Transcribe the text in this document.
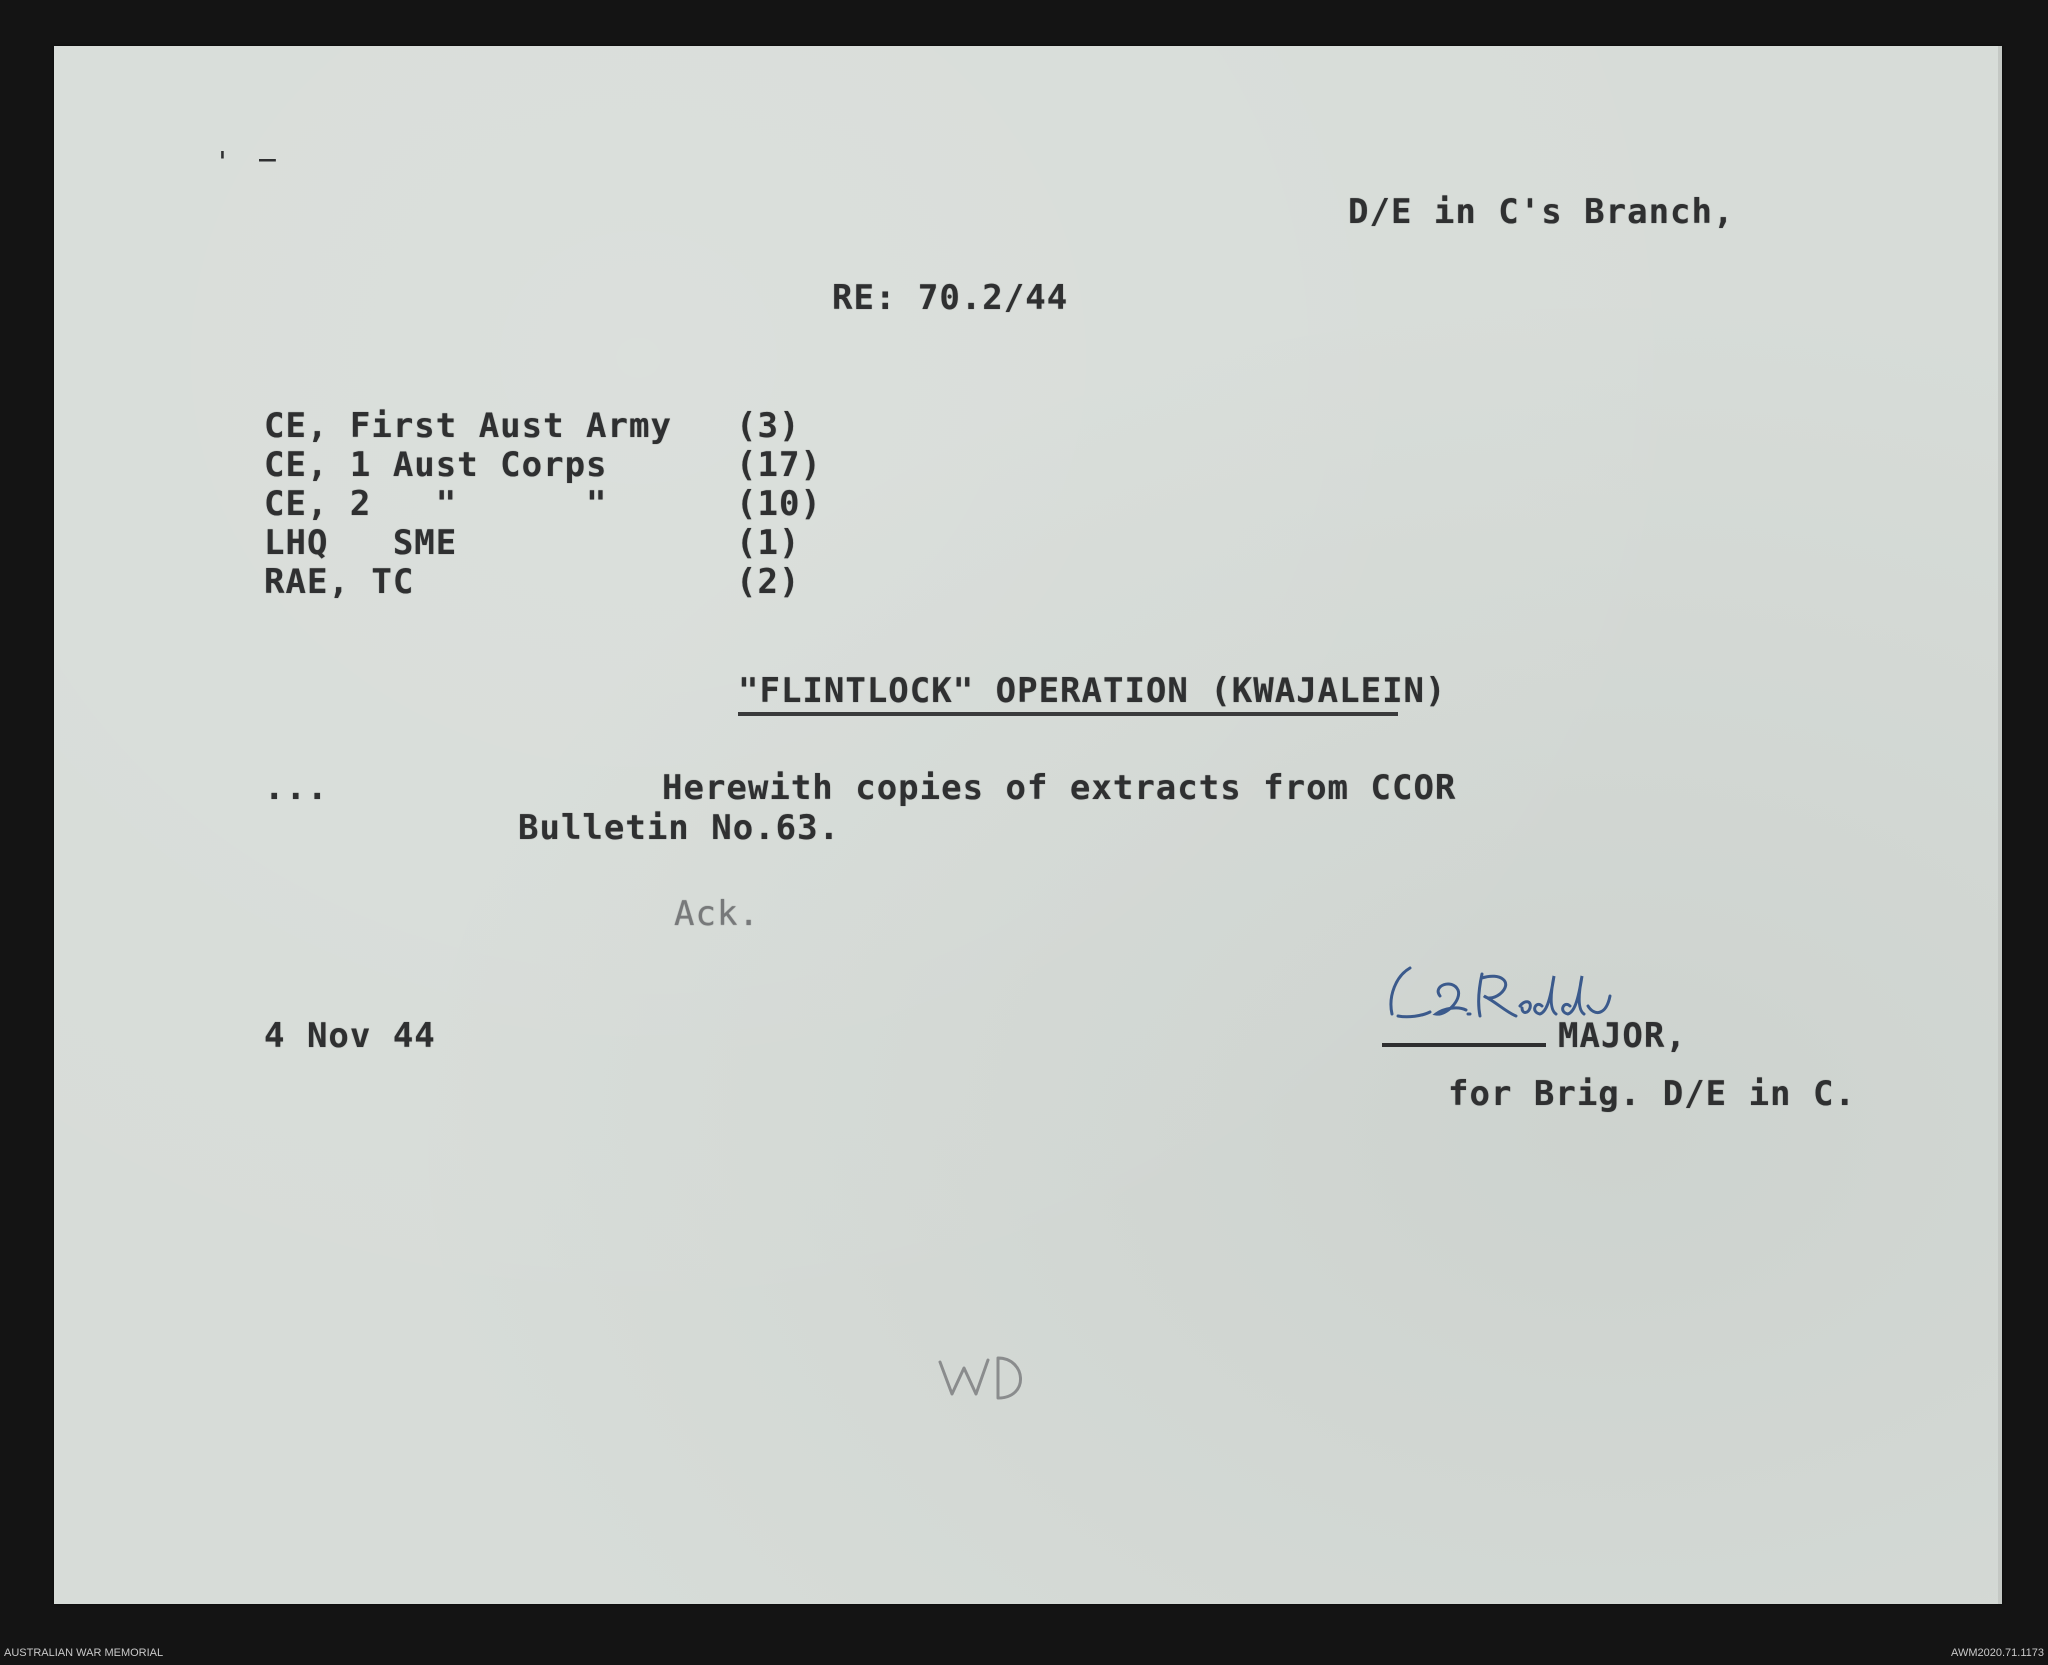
ˈ ‾
D/E in C's Branch,
RE: 70.2/44
CE, First Aust Army (3)
CE, 1 Aust Corps	(17)
CE, 2   "      "	(10)
LHQ   SME	(1)
RAE, TC	(2)
"FLINTLOCK" OPERATION (KWAJALEIN)
...	Herewith copies of extracts from CCOR
Bulletin No.63.
Ack.
4 Nov 44	MAJOR,
for Brig. D/E in C.
AUSTRALIAN WAR MEMORIAL	AWM2020.71.1173
